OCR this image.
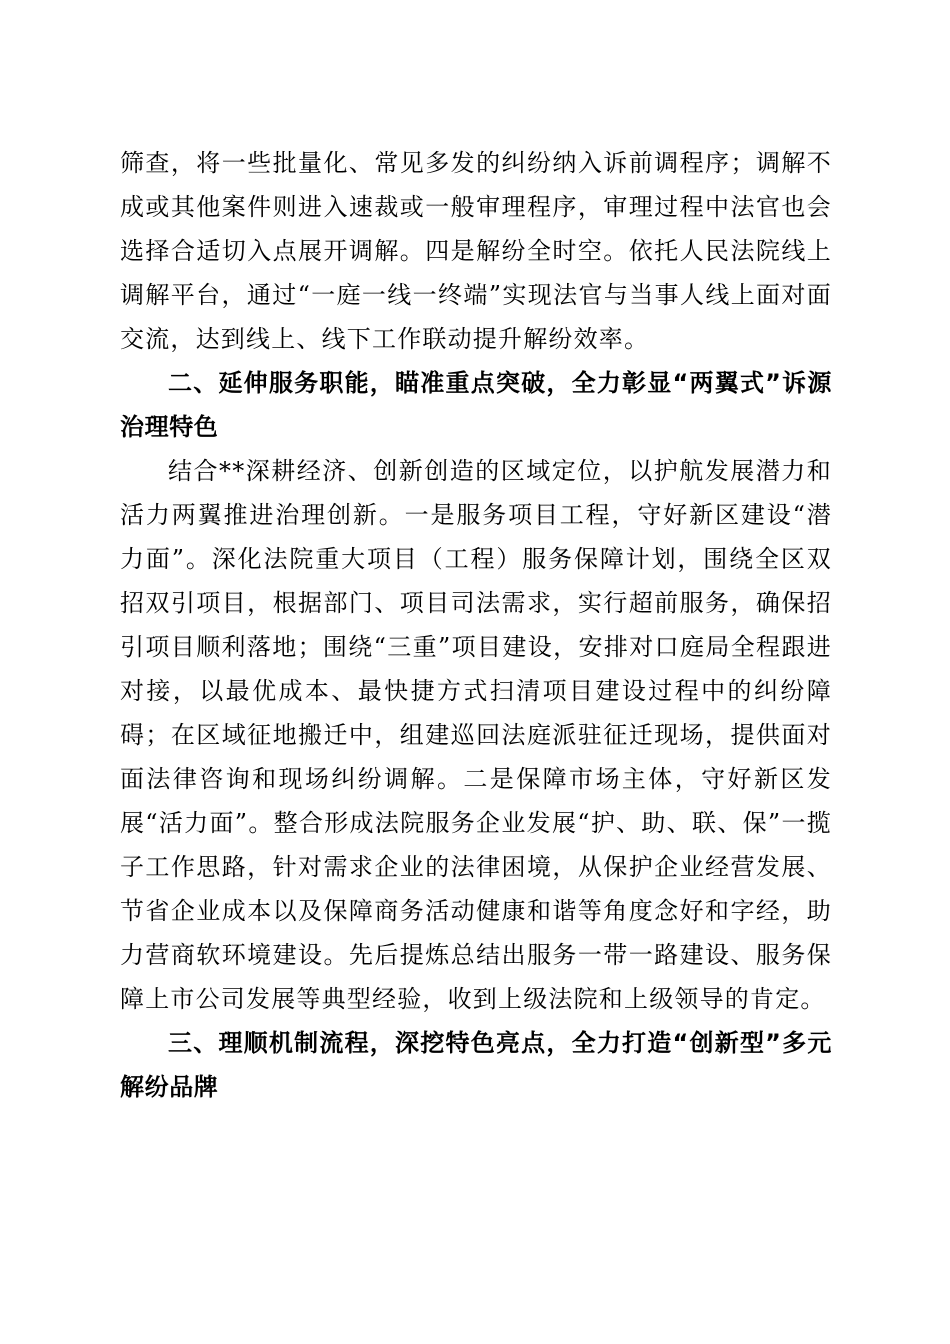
筛查，将一些批量化、常见多发的纠纷纳入诉前调程序；调解不成或其他案件则进入速裁或一般审理程序，审理过程中法官也会选择合适切入点展开调解。四是解纷全时空。依托人民法院线上调解平台，通过“一庭一线一终端”实现法官与当事人线上面对面交流，达到线上、线下工作联动提升解纷效率。

二、延伸服务职能，瞄准重点突破，全力彰显“两翼式”诉源治理特色

结合**深耕经济、创新创造的区域定位，以护航发展潜力和活力两翼推进治理创新。一是服务项目工程，守好新区建设“潜力面”。深化法院重大项目（工程）服务保障计划，围绕全区双招双引项目，根据部门、项目司法需求，实行超前服务，确保招引项目顺利落地；围绕“三重”项目建设，安排对口庭局全程跟进对接，以最优成本、最快捷方式扫清项目建设过程中的纠纷障碍；在区域征地搬迁中，组建巡回法庭派驻征迁现场，提供面对面法律咨询和现场纠纷调解。二是保障市场主体，守好新区发展“活力面”。整合形成法院服务企业发展“护、助、联、保”一揽子工作思路，针对需求企业的法律困境，从保护企业经营发展、节省企业成本以及保障商务活动健康和谐等角度念好和字经，助力营商软环境建设。先后提炼总结出服务一带一路建设、服务保障上市公司发展等典型经验，收到上级法院和上级领导的肯定。

三、理顺机制流程，深挖特色亮点，全力打造“创新型”多元解纷品牌
